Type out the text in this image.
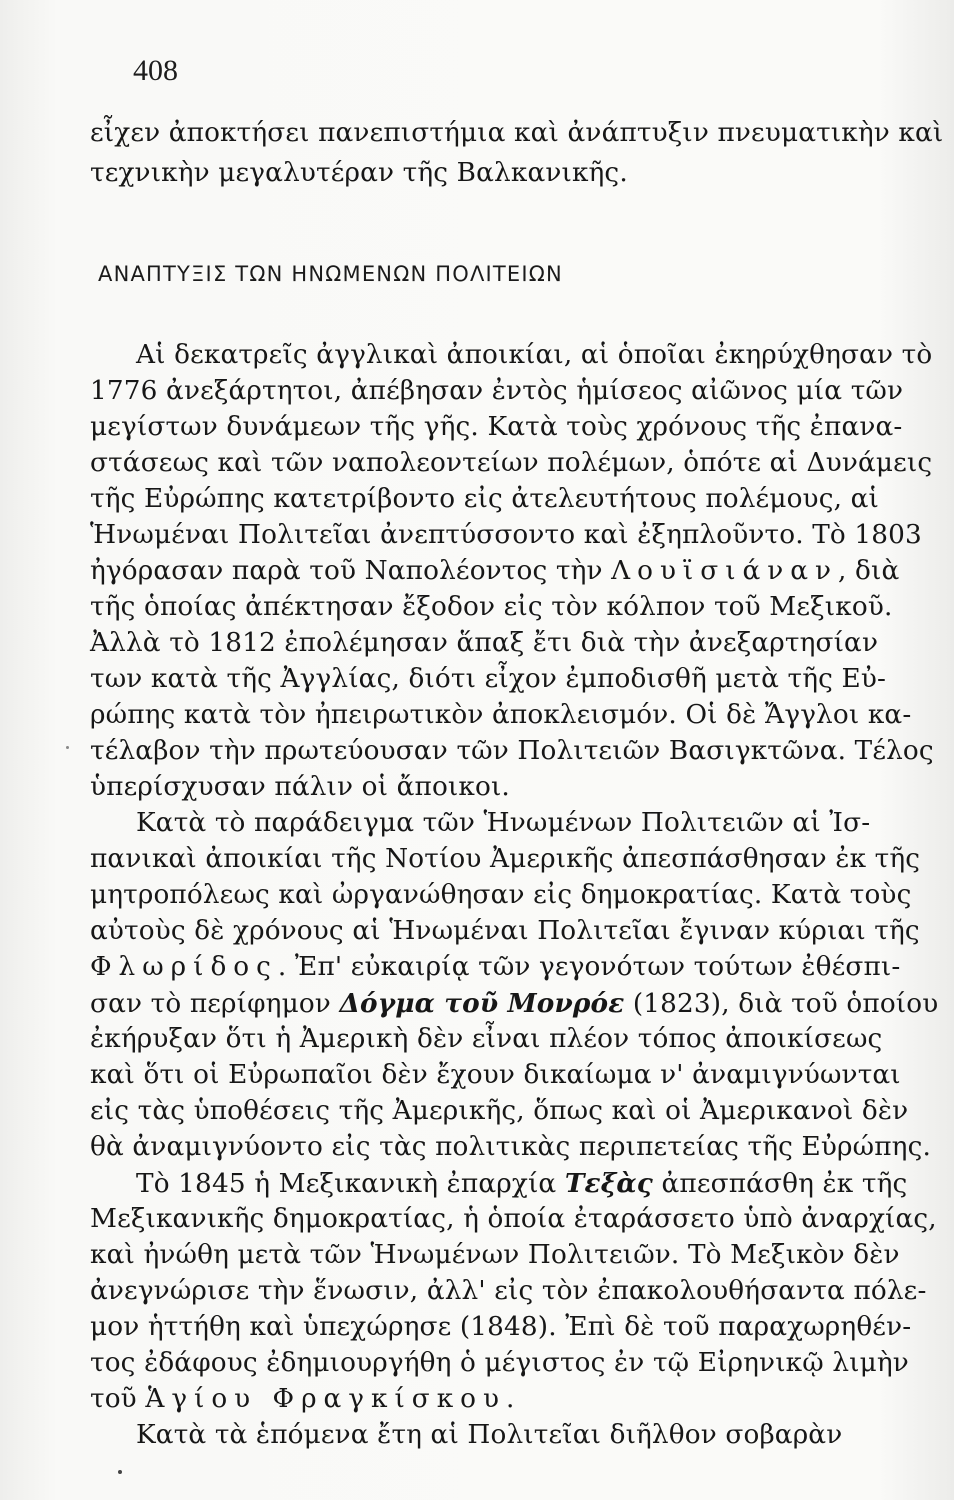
408
εἶχεν ἀποκτήσει πανεπιστήμια καὶ ἀνάπτυξιν πνευματικὴν καὶ
τεχνικὴν μεγαλυτέραν τῆς Βαλκανικῆς.
ΑΝΑΠΤΥΞΙΣ ΤΩΝ ΗΝΩΜΕΝΩΝ ΠΟΛΙΤΕΙΩΝ
Αἱ δεκατρεῖς ἀγγλικαὶ ἀποικίαι, αἱ ὁποῖαι ἐκηρύχθησαν τὸ
1776 ἀνεξάρτητοι, ἀπέβησαν ἐντὸς ἡμίσεος αἰῶνος μία τῶν
μεγίστων δυνάμεων τῆς γῆς. Κατὰ τοὺς χρόνους τῆς ἐπανα-
στάσεως καὶ τῶν ναπολεοντείων πολέμων, ὁπότε αἱ Δυνάμεις
τῆς Εὐρώπης κατετρίβοντο εἰς ἀτελευτήτους πολέμους, αἱ
Ἡνωμέναι Πολιτεῖαι ἀνεπτύσσοντο καὶ ἐξηπλοῦντο. Τὸ 1803
ἠγόρασαν παρὰ τοῦ Ναπολέοντος τὴν Λουϊσιάναν, διὰ
τῆς ὁποίας ἀπέκτησαν ἔξοδον εἰς τὸν κόλπον τοῦ Μεξικοῦ.
Ἀλλὰ τὸ 1812 ἐπολέμησαν ἅπαξ ἔτι διὰ τὴν ἀνεξαρτησίαν
των κατὰ τῆς Ἀγγλίας, διότι εἶχον ἐμποδισθῆ μετὰ τῆς Εὐ-
ρώπης κατὰ τὸν ἠπειρωτικὸν ἀποκλεισμόν. Οἱ δὲ Ἄγγλοι κα-
τέλαβον τὴν πρωτεύουσαν τῶν Πολιτειῶν Βασιγκτῶνα. Τέλος
ὑπερίσχυσαν πάλιν οἱ ἄποικοι.
Κατὰ τὸ παράδειγμα τῶν Ἡνωμένων Πολιτειῶν αἱ Ἰσ-
πανικαὶ ἀποικίαι τῆς Νοτίου Ἀμερικῆς ἀπεσπάσθησαν ἐκ τῆς
μητροπόλεως καὶ ὠργανώθησαν εἰς δημοκρατίας. Κατὰ τοὺς
αὐτοὺς δὲ χρόνους αἱ Ἡνωμέναι Πολιτεῖαι ἔγιναν κύριαι τῆς
Φλωρίδος. Ἐπ' εὐκαιρίᾳ τῶν γεγονότων τούτων ἐθέσπι-
σαν τὸ περίφημον Δόγμα τοῦ Μονρόε (1823), διὰ τοῦ ὁποίου
ἐκήρυξαν ὅτι ἡ Ἀμερικὴ δὲν εἶναι πλέον τόπος ἀποικίσεως
καὶ ὅτι οἱ Εὐρωπαῖοι δὲν ἔχουν δικαίωμα ν' ἀναμιγνύωνται
εἰς τὰς ὑποθέσεις τῆς Ἀμερικῆς, ὅπως καὶ οἱ Ἀμερικανοὶ δὲν
θὰ ἀναμιγνύοντο εἰς τὰς πολιτικὰς περιπετείας τῆς Εὐρώπης.
Τὸ 1845 ἡ Μεξικανικὴ ἐπαρχία Τεξὰς ἀπεσπάσθη ἐκ τῆς
Μεξικανικῆς δημοκρατίας, ἡ ὁποία ἐταράσσετο ὑπὸ ἀναρχίας,
καὶ ἠνώθη μετὰ τῶν Ἡνωμένων Πολιτειῶν. Τὸ Μεξικὸν δὲν
ἀνεγνώρισε τὴν ἕνωσιν, ἀλλ' εἰς τὸν ἐπακολουθήσαντα πόλε-
μον ἡττήθη καὶ ὑπεχώρησε (1848). Ἐπὶ δὲ τοῦ παραχωρηθέν-
τος ἐδάφους ἐδημιουργήθη ὁ μέγιστος ἐν τῷ Εἰρηνικῷ λιμὴν
τοῦ Ἁγίου Φραγκίσκου.
Κατὰ τὰ ἑπόμενα ἔτη αἱ Πολιτεῖαι διῆλθον σοβαρὰν
